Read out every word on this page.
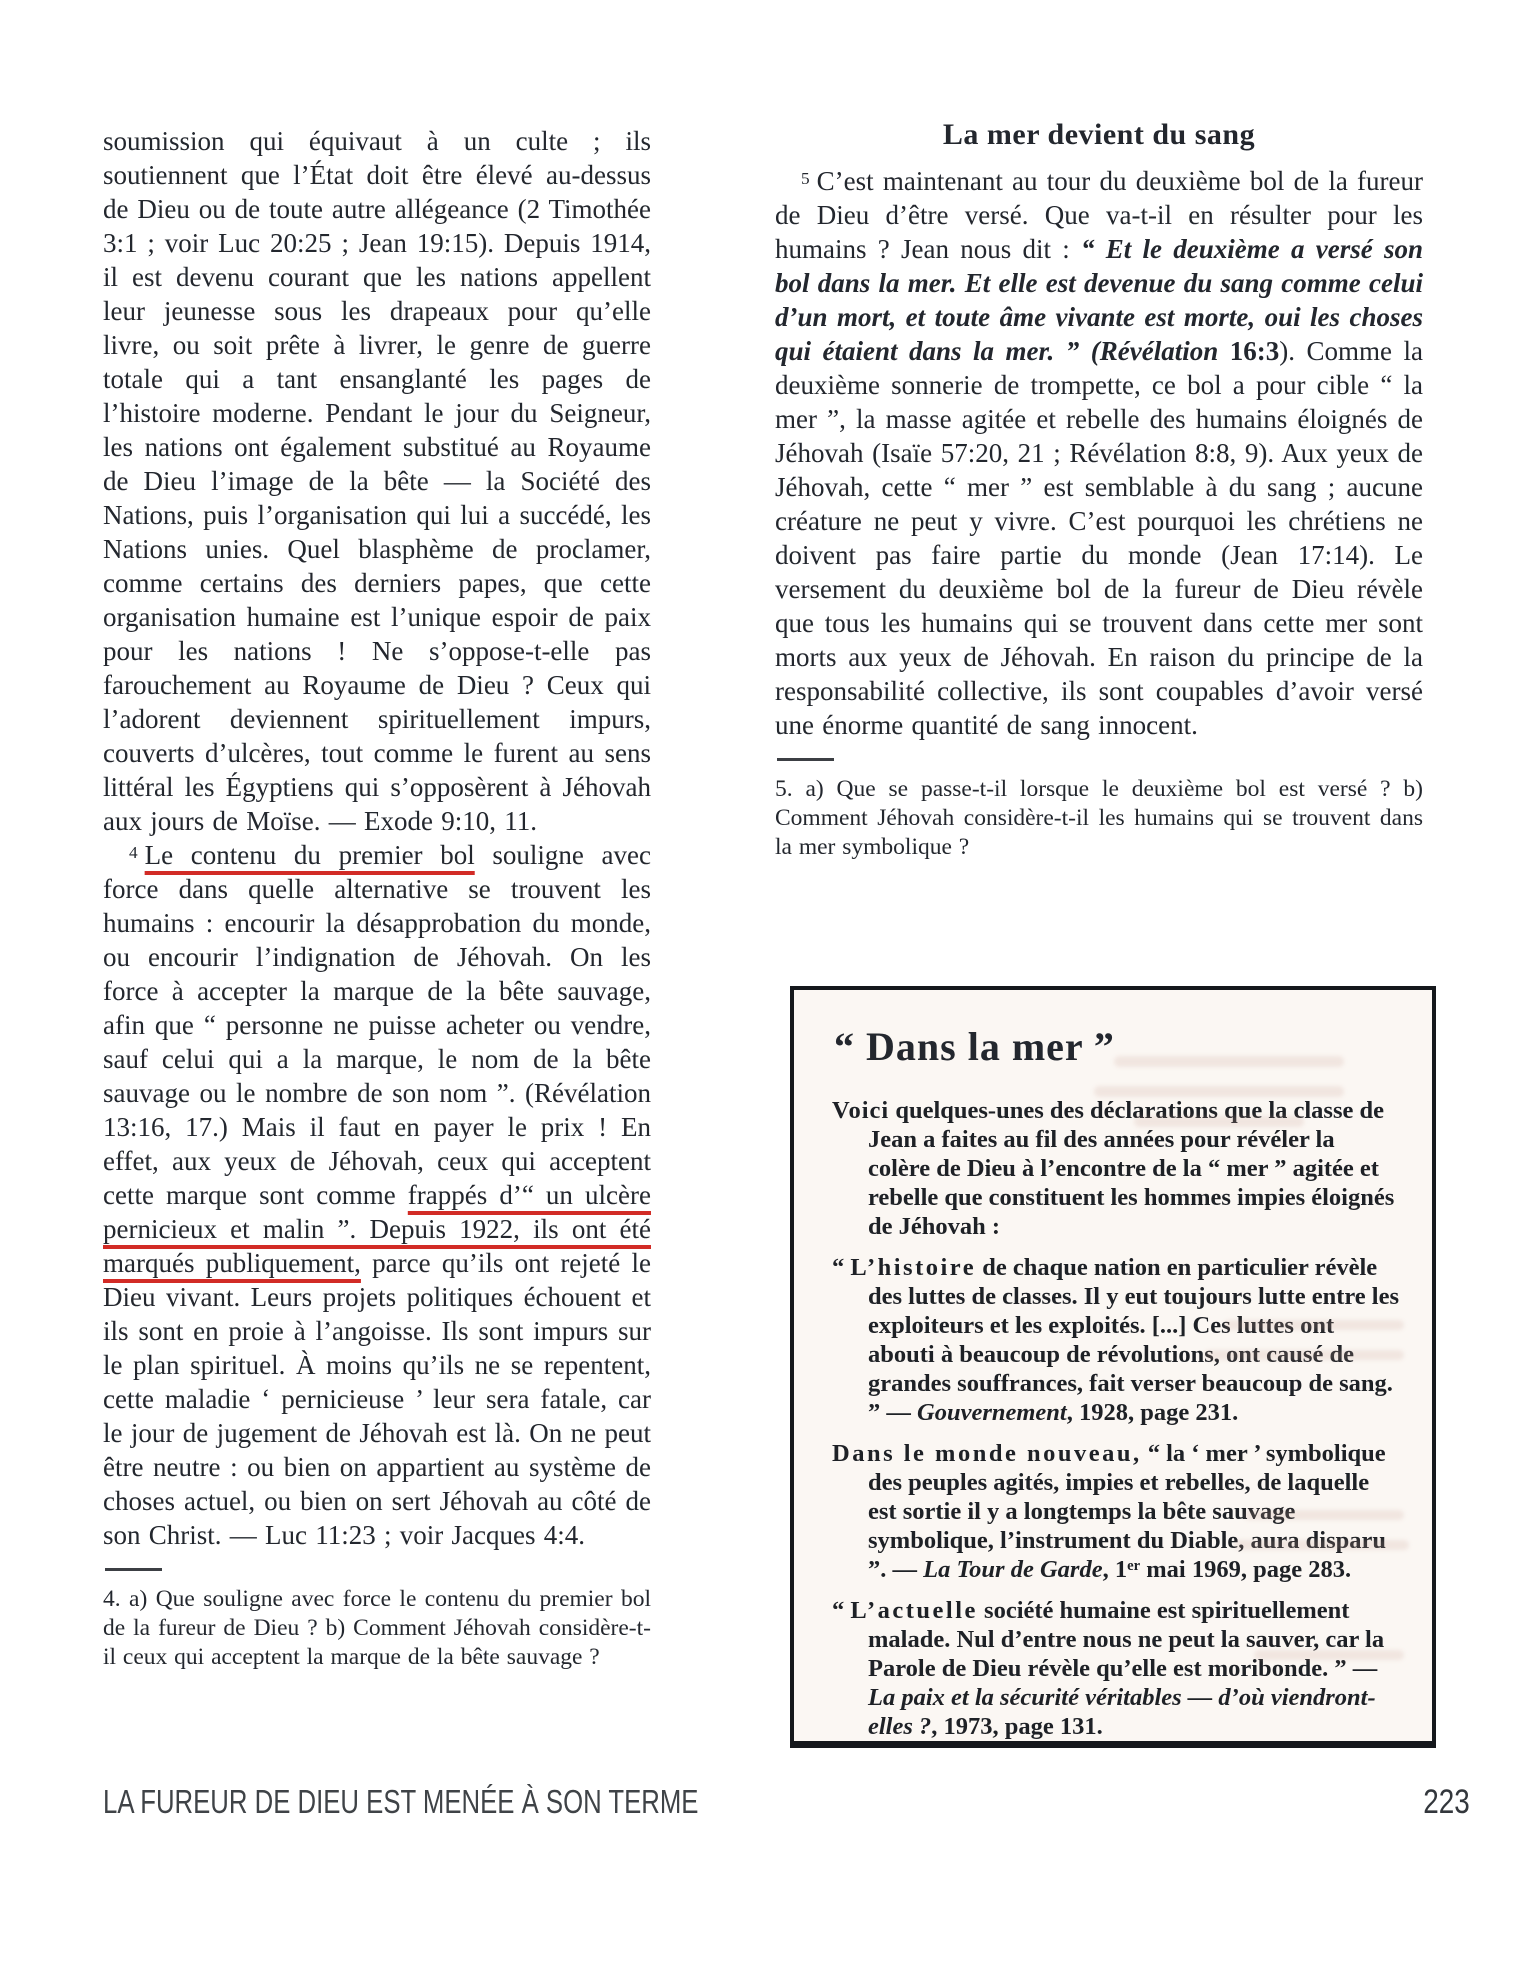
soumission qui équivaut à un culte ; ils soutiennent que l’État doit être élevé au-dessus de Dieu ou de toute autre allégeance (2 Timothée 3:1 ; voir Luc 20:25 ; Jean 19:15). Depuis 1914, il est devenu courant que les nations appellent leur jeunesse sous les drapeaux pour qu’elle livre, ou soit prête à livrer, le genre de guerre totale qui a tant ensanglanté les pages de l’histoire moderne. Pendant le jour du Seigneur, les nations ont également substitué au Royaume de Dieu l’image de la bête — la Société des Nations, puis l’organisation qui lui a succédé, les Nations unies. Quel blasphème de proclamer, comme certains des derniers papes, que cette organisation humaine est l’unique espoir de paix pour les nations ! Ne s’oppose-t-elle pas farouchement au Royaume de Dieu ? Ceux qui l’adorent deviennent spirituellement impurs, couverts d’ulcères, tout comme le furent au sens littéral les Égyptiens qui s’opposèrent à Jéhovah aux jours de Moïse. — Exode 9:10, 11.

$^4$ Le contenu du premier bol souligne avec force dans quelle alternative se trouvent les humains : encourir la désapprobation du monde, ou encourir l’indignation de Jéhovah. On les force à accepter la marque de la bête sauvage, afin que “ personne ne puisse acheter ou vendre, sauf celui qui a la marque, le nom de la bête sauvage ou le nombre de son nom ”. (Révélation 13:16, 17.) Mais il faut en payer le prix ! En effet, aux yeux de Jéhovah, ceux qui acceptent cette marque sont comme frappés d’“ un ulcère pernicieux et malin ”. Depuis 1922, ils ont été marqués publiquement, parce qu’ils ont rejeté le Dieu vivant. Leurs projets politiques échouent et ils sont en proie à l’angoisse. Ils sont impurs sur le plan spirituel. À moins qu’ils ne se repentent, cette maladie ‘ pernicieuse ’ leur sera fatale, car le jour de jugement de Jéhovah est là. On ne peut être neutre : ou bien on appartient au système de choses actuel, ou bien on sert Jéhovah au côté de son Christ. — Luc 11:23 ; voir Jacques 4:4.

4. a) Que souligne avec force le contenu du premier bol de la fureur de Dieu ? b) Comment Jéhovah considère-t-il ceux qui acceptent la marque de la bête sauvage ?

La mer devient du sang

$^5$ C’est maintenant au tour du deuxième bol de la fureur de Dieu d’être versé. Que va-t-il en résulter pour les humains ? Jean nous dit : “ Et le deuxième a versé son bol dans la mer. Et elle est devenue du sang comme celui d’un mort, et toute âme vivante est morte, oui les choses qui étaient dans la mer. ” (Révélation 16:3). Comme la deuxième sonnerie de trompette, ce bol a pour cible “ la mer ”, la masse agitée et rebelle des humains éloignés de Jéhovah (Isaïe 57:20, 21 ; Révélation 8:8, 9). Aux yeux de Jéhovah, cette “ mer ” est semblable à du sang ; aucune créature ne peut y vivre. C’est pourquoi les chrétiens ne doivent pas faire partie du monde (Jean 17:14). Le versement du deuxième bol de la fureur de Dieu révèle que tous les humains qui se trouvent dans cette mer sont morts aux yeux de Jéhovah. En raison du principe de la responsabilité collective, ils sont coupables d’avoir versé une énorme quantité de sang innocent.

5. a) Que se passe-t-il lorsque le deuxième bol est versé ? b) Comment Jéhovah considère-t-il les humains qui se trouvent dans la mer symbolique ?

“ Dans la mer ”

Voici quelques-unes des déclarations que la classe de Jean a faites au fil des années pour révéler la colère de Dieu à l’encontre de la “ mer ” agitée et rebelle que constituent les hommes impies éloignés de Jéhovah :

“ L’histoire de chaque nation en particulier révèle des luttes de classes. Il y eut toujours lutte entre les exploiteurs et les exploités. [...] Ces luttes ont abouti à beaucoup de révolutions, ont causé de grandes souffrances, fait verser beaucoup de sang. ” — Gouvernement, 1928, page 231.

Dans le monde nouveau, “ la ‘ mer ’ symbolique des peuples agités, impies et rebelles, de laquelle est sortie il y a longtemps la bête sauvage symbolique, l’instrument du Diable, aura disparu ”. — La Tour de Garde, 1er mai 1969, page 283.

“ L’actuelle société humaine est spirituellement malade. Nul d’entre nous ne peut la sauver, car la Parole de Dieu révèle qu’elle est moribonde. ” — La paix et la sécurité véritables — d’où viendront-elles ?, 1973, page 131.

LA FUREUR DE DIEU EST MENÉE À SON TERME	223
